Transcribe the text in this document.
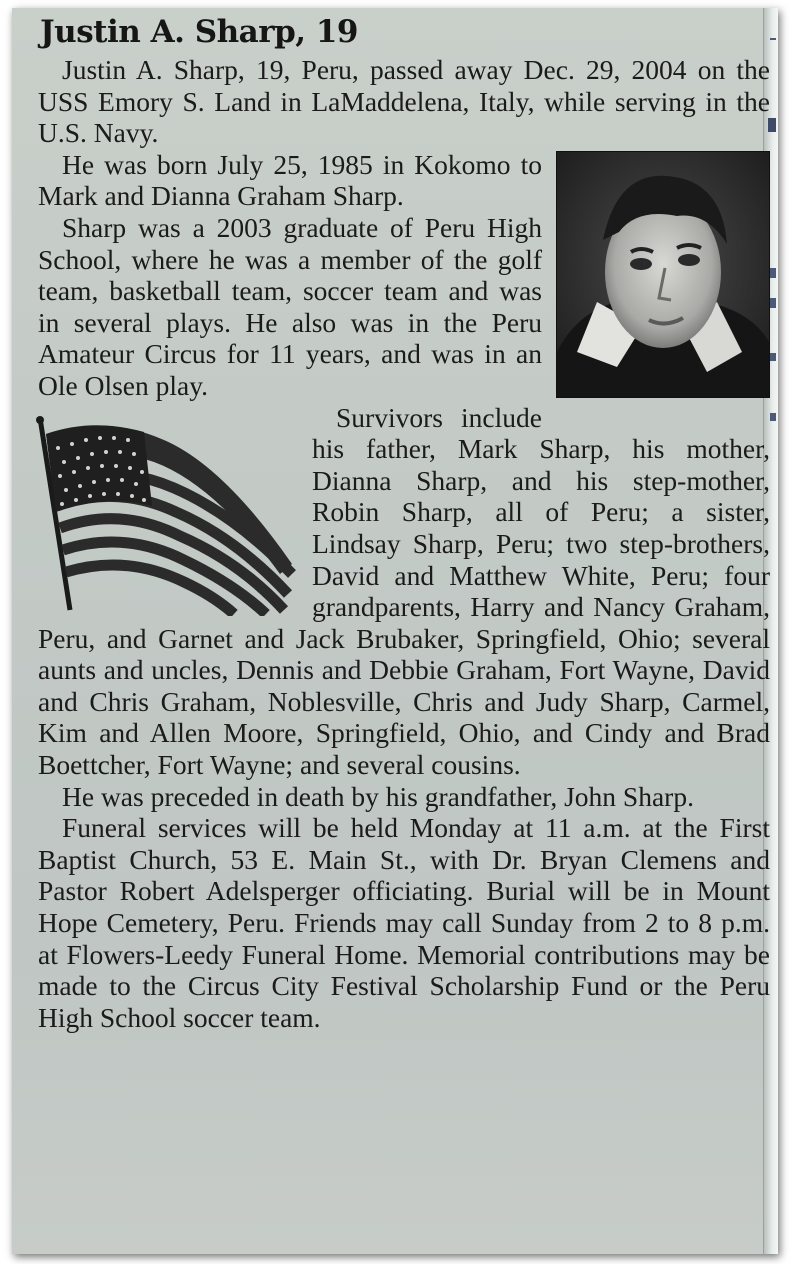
Justin A. Sharp, 19

Justin A. Sharp, 19, Peru, passed away Dec. 29, 2004 on the USS Emory S. Land in LaMaddelena, Italy, while serving in the U.S. Navy.

He was born July 25, 1985 in Kokomo to Mark and Dianna Graham Sharp.

Sharp was a 2003 graduate of Peru High School, where he was a member of the golf team, basketball team, soccer team and was in several plays. He also was in the Peru Amateur Circus for 11 years, and was in an Ole Olsen play.

Survivors include his father, Mark Sharp, his mother, Dianna Sharp, and his step-mother, Robin Sharp, all of Peru; a sister, Lindsay Sharp, Peru; two step-brothers, David and Matthew White, Peru; four grandparents, Harry and Nancy Graham, Peru, and Garnet and Jack Brubaker, Springfield, Ohio; several aunts and uncles, Dennis and Debbie Graham, Fort Wayne, David and Chris Graham, Noblesville, Chris and Judy Sharp, Carmel, Kim and Allen Moore, Springfield, Ohio, and Cindy and Brad Boettcher, Fort Wayne; and several cousins.

He was preceded in death by his grandfather, John Sharp.

Funeral services will be held Monday at 11 a.m. at the First Baptist Church, 53 E. Main St., with Dr. Bryan Clemens and Pastor Robert Adelsperger officiating. Burial will be in Mount Hope Cemetery, Peru. Friends may call Sunday from 2 to 8 p.m. at Flowers-Leedy Funeral Home. Memorial contributions may be made to the Circus City Festival Scholarship Fund or the Peru High School soccer team.
